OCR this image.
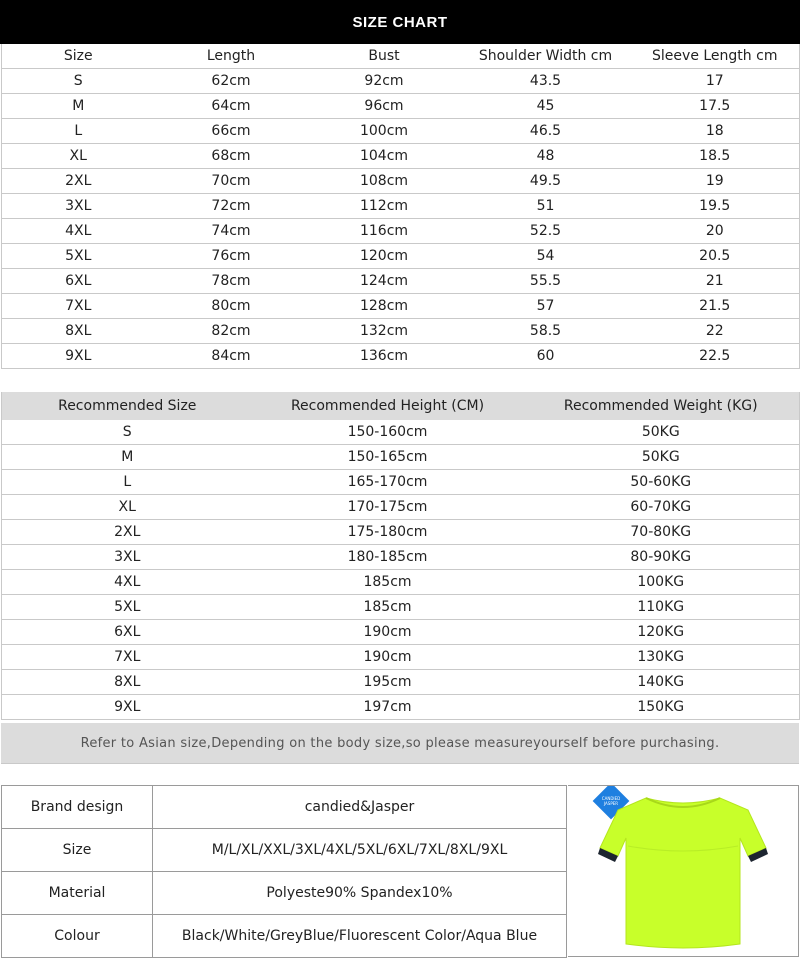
SIZE CHART
Size	Length	Bust	Shoulder Width cm	Sleeve Length cm
S	62cm	92cm	43.5	17
M	64cm	96cm	45	17.5
L	66cm	100cm	46.5	18
XL	68cm	104cm	48	18.5
2XL	70cm	108cm	49.5	19
3XL	72cm	112cm	51	19.5
4XL	74cm	116cm	52.5	20
5XL	76cm	120cm	54	20.5
6XL	78cm	124cm	55.5	21
7XL	80cm	128cm	57	21.5
8XL	82cm	132cm	58.5	22
9XL	84cm	136cm	60	22.5
Recommended Size	Recommended Height (CM)	Recommended Weight (KG)
S	150-160cm	50KG
M	150-165cm	50KG
L	165-170cm	50-60KG
XL	170-175cm	60-70KG
2XL	175-180cm	70-80KG
3XL	180-185cm	80-90KG
4XL	185cm	100KG
5XL	185cm	110KG
6XL	190cm	120KG
7XL	190cm	130KG
8XL	195cm	140KG
9XL	197cm	150KG
Refer to Asian size,Depending on the body size,so please measureyourself before purchasing.
Brand design	candied&Jasper
Size	M/L/XL/XXL/3XL/4XL/5XL/6XL/7XL/8XL/9XL
Material	Polyeste90% Spandex10%
Colour	Black/White/GreyBlue/Fluorescent Color/Aqua Blue
CANDIED
JASPER
